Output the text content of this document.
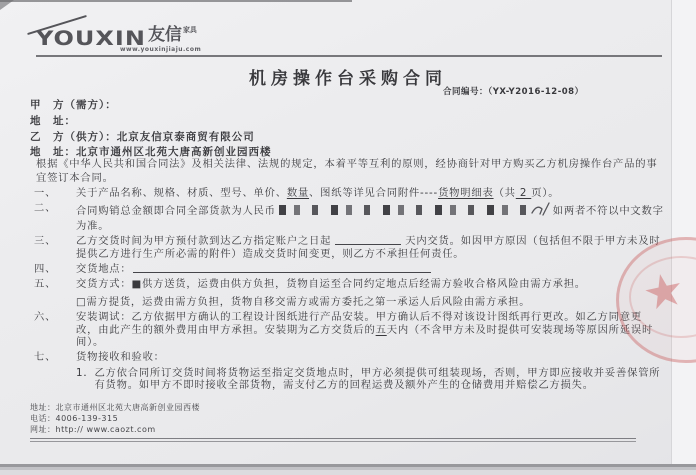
YOUXIN 友信家具
www.youxinjiaju.com
机房操作台采购合同
合同编号：（YX-Y2016-12-08）
甲　方（需方）：
地　址：
乙　方（供方）：北京友信京泰商贸有限公司
地　址：北京市通州区北苑大唐高新创业园西楼
根据《中华人民共和国合同法》及相关法律、法规的规定，本着平等互利的原则，经协商针对甲方购买乙方机房操作台产品的事宜签订本合同。
一、	关于产品名称、规格、材质、型号、单价、数量、图纸等详见合同附件----货物明细表（共 2 页）。
二、	合同购销总金额即合同全部货款为人民币	如两者不符以中文数字为准。
三、	乙方交货时间为甲方预付款到达乙方指定账户之日起	天内交货。如因甲方原因（包括但不限于甲方未及时提供乙方进行生产所必需的附件）造成交货时间变更，则乙方不承担任何责任。
四、	交货地点：
五、	交货方式：■供方送货，运费由供方负担，货物自运至合同约定地点后经需方验收合格风险由需方承担。
□需方提货，运费由需方负担，货物自移交需方或需方委托之第一承运人后风险由需方承担。
六、	安装调试：乙方依据甲方确认的工程设计图纸进行产品安装。甲方确认后不得对该设计图纸再行更改。如乙方同意更改，由此产生的额外费用由甲方承担。安装期为乙方交货后的五天内（不含甲方未及时提供可安装现场等原因所延误时间）。
七、	货物接收和验收：
1． 乙方依合同所订交货时间将货物运至指定交货地点时，甲方必须提供可组装现场，否则，甲方即应接收并妥善保管所有货物。如甲方不即时接收全部货物，需支付乙方的回程运费及额外产生的仓储费用并赔偿乙方损失。
★
地址：北京市通州区北苑大唐高新创业园西楼
电话：4006-139-315
网址：http:// www.caozt.com
